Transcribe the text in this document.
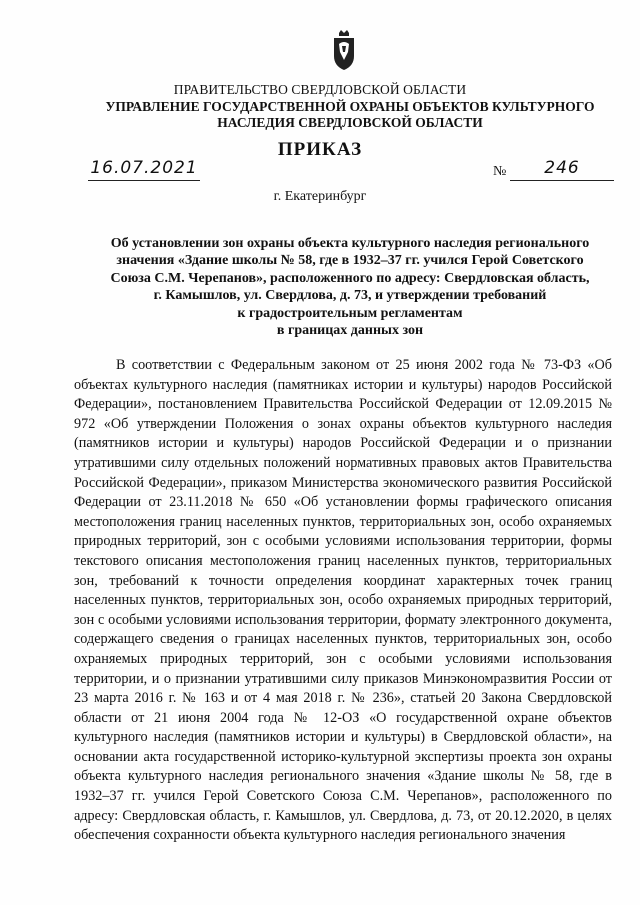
ПРАВИТЕЛЬСТВО СВЕРДЛОВСКОЙ ОБЛАСТИ
УПРАВЛЕНИЕ ГОСУДАРСТВЕННОЙ ОХРАНЫ ОБЪЕКТОВ КУЛЬТУРНОГО НАСЛЕДИЯ СВЕРДЛОВСКОЙ ОБЛАСТИ
ПРИКАЗ
16.07.2021	№	246
г. Екатеринбург
Об установлении зон охраны объекта культурного наследия регионального
значения «Здание школы № 58, где в 1932–37 гг. учился Герой Советского
Союза С.М. Черепанов», расположенного по адресу: Свердловская область,
г. Камышлов, ул. Свердлова, д. 73, и утверждении требований
к градостроительным регламентам
в границах данных зон
В соответствии с Федеральным законом от 25 июня 2002 года № 73-ФЗ «Об объектах культурного наследия (памятниках истории и культуры) народов Российской Федерации», постановлением Правительства Российской Федерации от 12.09.2015 № 972 «Об утверждении Положения о зонах охраны объектов культурного наследия (памятников истории и культуры) народов Российской Федерации и о признании утратившими силу отдельных положений нормативных правовых актов Правительства Российской Федерации», приказом Министерства экономического развития Российской Федерации от 23.11.2018 № 650 «Об установлении формы графического описания местоположения границ населенных пунктов, территориальных зон, особо охраняемых природных территорий, зон с особыми условиями использования территории, формы текстового описания местоположения границ населенных пунктов, территориальных зон, требований к точности определения координат характерных точек границ населенных пунктов, территориальных зон, особо охраняемых природных территорий, зон с особыми условиями использования территории, формату электронного документа, содержащего сведения о границах населенных пунктов, территориальных зон, особо охраняемых природных территорий, зон с особыми условиями использования территории, и о признании утратившими силу приказов Минэкономразвития России от 23 марта 2016 г. № 163 и от 4 мая 2018 г. № 236», статьей 20 Закона Свердловской области от 21 июня 2004 года № 12-ОЗ «О государственной охране объектов культурного наследия (памятников истории и культуры) в Свердловской области», на основании акта государственной историко-культурной экспертизы проекта зон охраны объекта культурного наследия регионального значения «Здание школы № 58, где в 1932–37 гг. учился Герой Советского Союза С.М. Черепанов», расположенного по адресу: Свердловская область, г. Камышлов, ул. Свердлова, д. 73, от 20.12.2020, в целях обеспечения сохранности объекта культурного наследия регионального значения
